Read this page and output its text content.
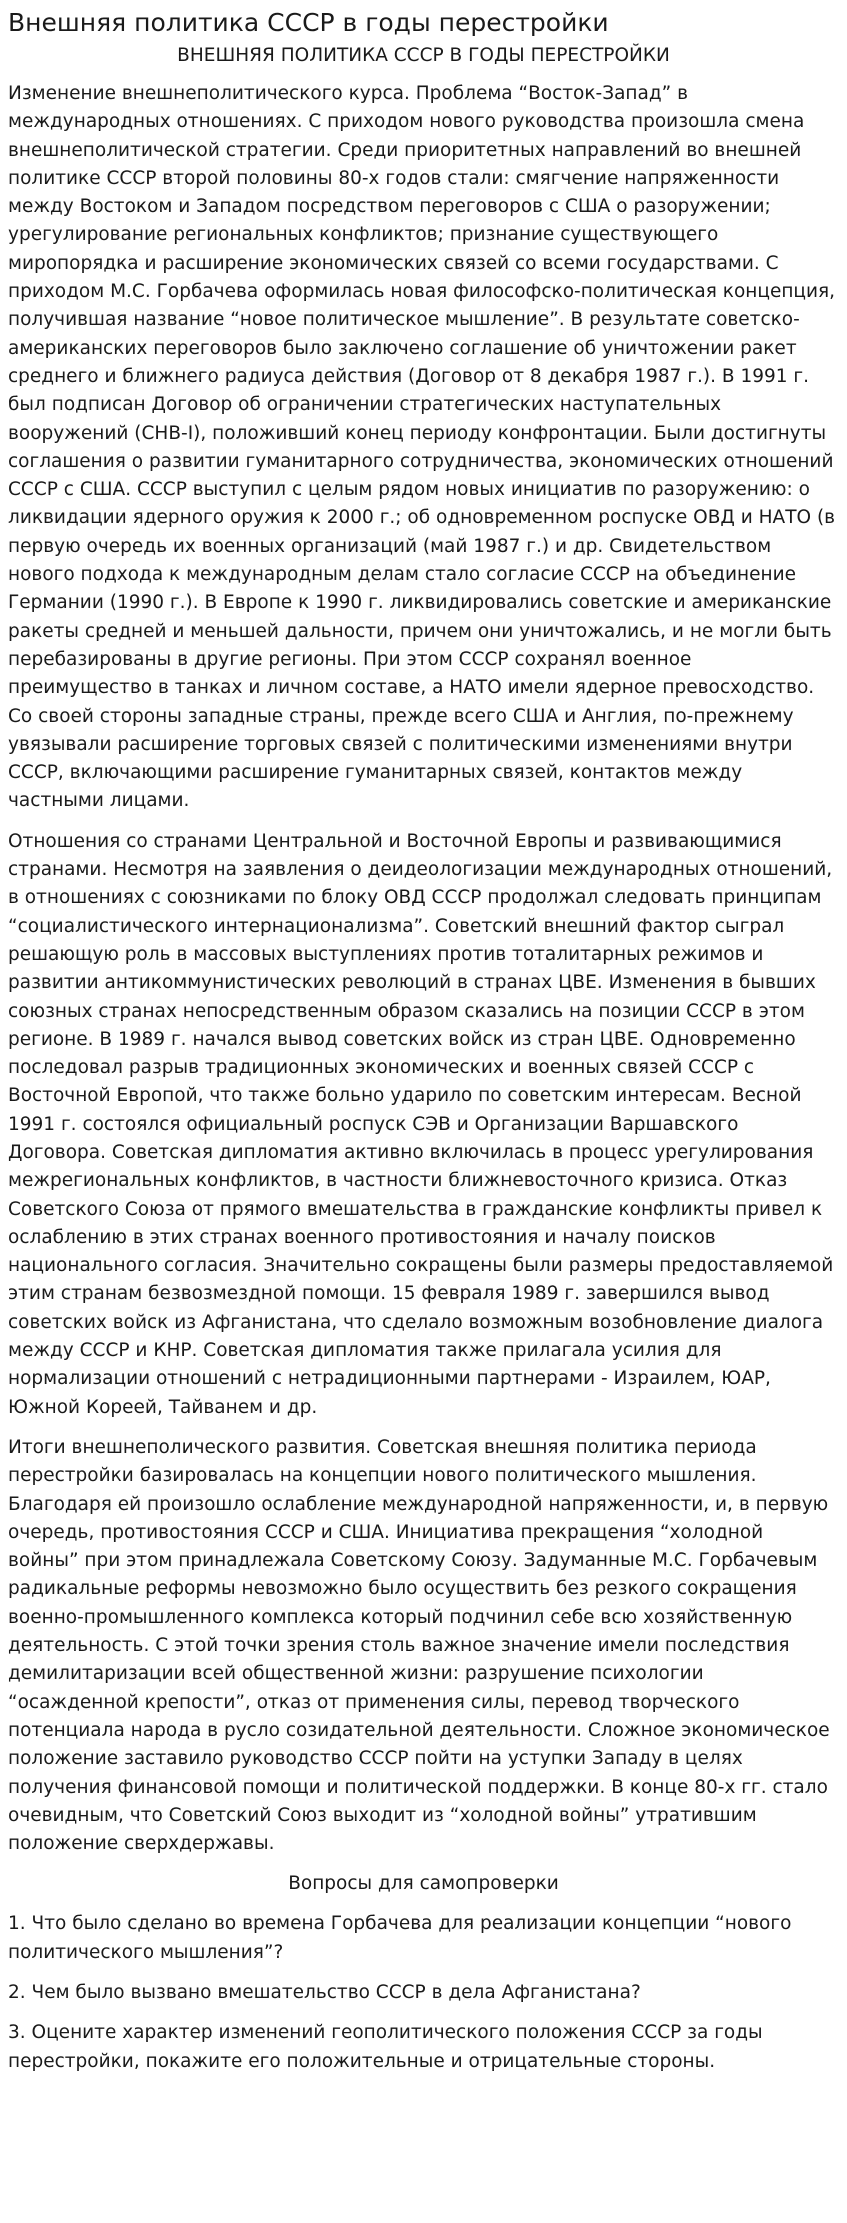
Внешняя политика СССР в годы перестройки
ВНЕШНЯЯ ПОЛИТИКА СССР В ГОДЫ ПЕРЕСТРОЙКИ

Изменение внешнеполитического курса. Проблема “Восток-Запад” в международных отношениях. С приходом нового руководства произошла смена внешнеполитической стратегии. Среди приоритетных направлений во внешней политике СССР второй половины 80-х годов стали: смягчение напряженности между Востоком и Западом посредством переговоров с США о разоружении; урегулирование региональных конфликтов; признание существующего миропорядка и расширение экономических связей со всеми государствами. С приходом М.С. Горбачева оформилась новая философско-политическая концепция, получившая название “новое политическое мышление”. В результате советско-американских переговоров было заключено соглашение об уничтожении ракет среднего и ближнего радиуса действия (Договор от 8 декабря 1987 г.). В 1991 г. был подписан Договор об ограничении стратегических наступательных вооружений (СНВ-I), положивший конец периоду конфронтации. Были достигнуты соглашения о развитии гуманитарного сотрудничества, экономических отношений СССР с США. СССР выступил с целым рядом новых инициатив по разоружению: о ликвидации ядерного оружия к 2000 г.; об одновременном роспуске ОВД и НАТО (в первую очередь их военных организаций (май 1987 г.) и др. Свидетельством нового подхода к международным делам стало согласие СССР на объединение Германии (1990 г.). В Европе к 1990 г. ликвидировались советские и американские ракеты средней и меньшей дальности, причем они уничтожались, и не могли быть перебазированы в другие регионы. При этом СССР сохранял военное преимущество в танках и личном составе, а НАТО имели ядерное превосходство. Со своей стороны западные страны, прежде всего США и Англия, по-прежнему увязывали расширение торговых связей с политическими изменениями внутри СССР, включающими расширение гуманитарных связей, контактов между частными лицами.

Отношения со странами Центральной и Восточной Европы и развивающимися странами. Несмотря на заявления о деидеологизации международных отношений, в отношениях с союзниками по блоку ОВД СССР продолжал следовать принципам “социалистического интернационализма”. Советский внешний фактор сыграл решающую роль в массовых выступлениях против тоталитарных режимов и развитии антикоммунистических революций в странах ЦВЕ. Изменения в бывших союзных странах непосредственным образом сказались на позиции СССР в этом регионе. В 1989 г. начался вывод советских войск из стран ЦВЕ. Одновременно последовал разрыв традиционных экономических и военных связей СССР с Восточной Европой, что также больно ударило по советским интересам. Весной 1991 г. состоялся официальный роспуск СЭВ и Организации Варшавского Договора. Советская дипломатия активно включилась в процесс урегулирования межрегиональных конфликтов, в частности ближневосточного кризиса. Отказ Советского Союза от прямого вмешательства в гражданские конфликты привел к ослаблению в этих странах военного противостояния и началу поисков национального согласия. Значительно сокращены были размеры предоставляемой этим странам безвозмездной помощи. 15 февраля 1989 г. завершился вывод советских войск из Афганистана, что сделало возможным возобновление диалога между СССР и КНР. Советская дипломатия также прилагала усилия для нормализации отношений с нетрадиционными партнерами - Израилем, ЮАР, Южной Кореей, Тайванем и др.

Итоги внешнеполического развития. Советская внешняя политика периода перестройки базировалась на концепции нового политического мышления. Благодаря ей произошло ослабление международной напряженности, и, в первую очередь, противостояния СССР и США. Инициатива прекращения “холодной войны” при этом принадлежала Советскому Союзу. Задуманные М.С. Горбачевым радикальные реформы невозможно было осуществить без резкого сокращения военно-промышленного комплекса который подчинил себе всю хозяйственную деятельность. С этой точки зрения столь важное значение имели последствия демилитаризации всей общественной жизни: разрушение психологии “осажденной крепости”, отказ от применения силы, перевод творческого потенциала народа в русло созидательной деятельности. Сложное экономическое положение заставило руководство СССР пойти на уступки Западу в целях получения финансовой помощи и политической поддержки. В конце 80-х гг. стало очевидным, что Советский Союз выходит из “холодной войны” утратившим положение сверхдержавы.

Вопросы для самопроверки

1. Что было сделано во времена Горбачева для реализации концепции “нового политического мышления”?

2. Чем было вызвано вмешательство СССР в дела Афганистана?

3. Оцените характер изменений геополитического положения СССР за годы перестройки, покажите его положительные и отрицательные стороны.
